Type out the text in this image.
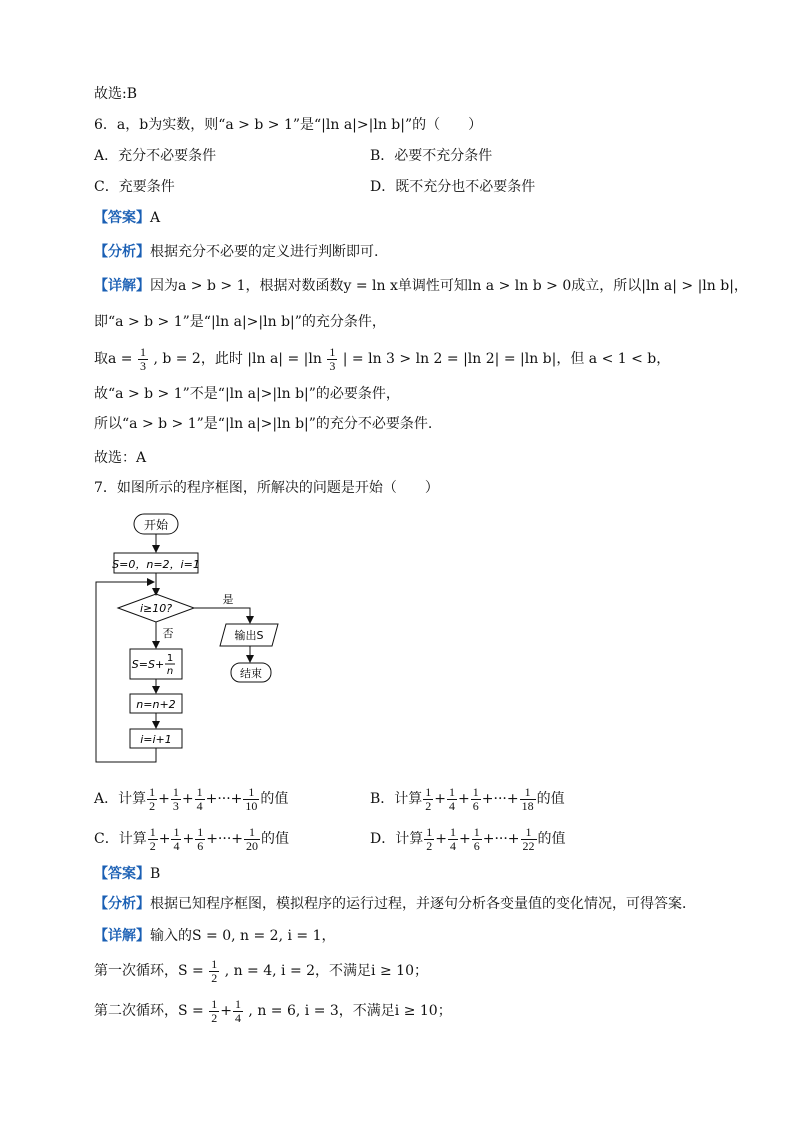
故选:B
6．a，b为实数，则“a > b > 1”是“|ln a|>|ln b|”的（　　）
A．充分不必要条件	B．必要不充分条件
C．充要条件	D．既不充分也不必要条件
【答案】A
【分析】根据充分不必要的定义进行判断即可.
【详解】因为a > b > 1，根据对数函数y = ln x单调性可知ln a > ln b > 0成立，所以|ln a| > |ln b|，
即“a > b > 1”是“|ln a|>|ln b|”的充分条件，
取$a = \frac{1}{3}$ , b = 2，此时 |ln $a| = |\ln \frac{1}{3}$ | = ln 3 > ln 2 = |ln 2| = |ln b|，但 a < 1 < b，
故“a > b > 1”不是“|ln a|>|ln b|”的必要条件，
所以“a > b > 1”是“|ln a|>|ln b|”的充分不必要条件.
故选：A
7．如图所示的程序框图，所解决的问题是开始（　　）
开始
S=0，n=2，i=1
i≥10?
是
输出S
结束
否
S=S+ 1
n
n=n+2
i=i+1
A．计算 $\frac{1}{2} + \frac{1}{3} + \frac{1}{4}$ +···+ $\frac{1}{10}$ 的值	B．计算 $\frac{1}{2} + \frac{1}{4} + \frac{1}{6}$ +···+ $\frac{1}{18}$ 的值
C．计算 $\frac{1}{2} + \frac{1}{4} + \frac{1}{6}$ +···+ $\frac{1}{20}$ 的值	D．计算 $\frac{1}{2} + \frac{1}{4} + \frac{1}{6}$ +···+ $\frac{1}{22}$ 的值
【答案】B
【分析】根据已知程序框图，模拟程序的运行过程，并逐句分析各变量值的变化情况，可得答案．
【详解】输入的S = 0, n = 2, i = 1，
第一次循环，$S = \frac{1}{2}$ , n = 4, i = 2，不满足i ≥ 10；
第二次循环，$S = \frac{1}{2} + \frac{1}{4}$ , n = 6, i = 3，不满足i ≥ 10；
